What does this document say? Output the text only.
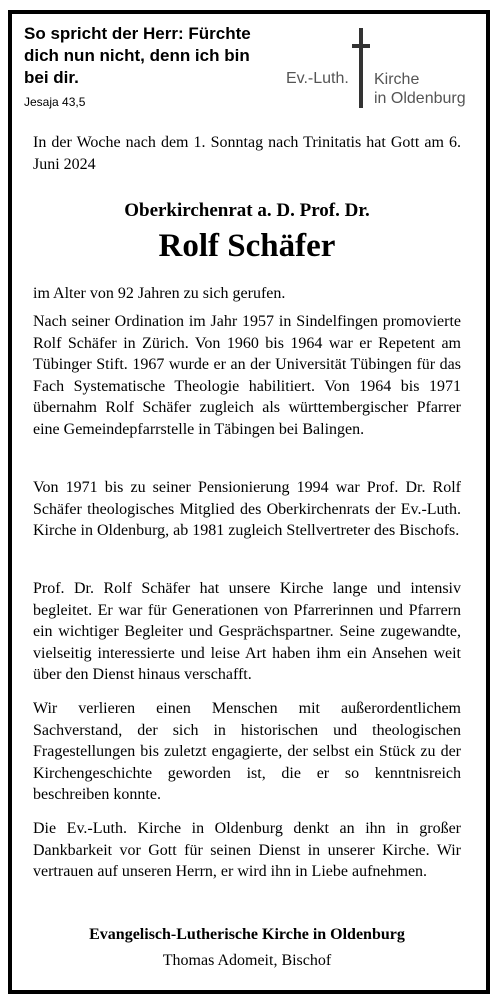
So spricht der Herr: Fürchte dich nun nicht, denn ich bin bei dir.
Jesaja 43,5
Ev.-Luth. Kirche
in Oldenburg
In der Woche nach dem 1. Sonntag nach Trinitatis hat Gott am 6. Juni 2024
Oberkirchenrat a. D. Prof. Dr.
Rolf Schäfer
im Alter von 92 Jahren zu sich gerufen.
Nach seiner Ordination im Jahr 1957 in Sindelfingen promovierte Rolf Schäfer in Zürich. Von 1960 bis 1964 war er Repetent am Tübinger Stift. 1967 wurde er an der Universität Tübingen für das Fach Systematische Theologie habilitiert. Von 1964 bis 1971 übernahm Rolf Schäfer zugleich als württembergischer Pfarrer eine Gemeindepfarrstelle in Täbingen bei Balingen.
Von 1971 bis zu seiner Pensionierung 1994 war Prof. Dr. Rolf Schäfer theologisches Mitglied des Oberkirchenrats der Ev.-Luth. Kirche in Oldenburg, ab 1981 zugleich Stellvertreter des Bischofs.
Prof. Dr. Rolf Schäfer hat unsere Kirche lange und intensiv begleitet. Er war für Generationen von Pfarrerinnen und Pfarrern ein wichtiger Begleiter und Gesprächspartner. Seine zugewandte, vielseitig interessierte und leise Art haben ihm ein Ansehen weit über den Dienst hinaus verschafft.
Wir verlieren einen Menschen mit außerordentlichem Sachverstand, der sich in historischen und theologischen Fragestellungen bis zuletzt engagierte, der selbst ein Stück zu der Kirchengeschichte geworden ist, die er so kenntnisreich beschreiben konnte.
Die Ev.-Luth. Kirche in Oldenburg denkt an ihn in großer Dankbarkeit vor Gott für seinen Dienst in unserer Kirche. Wir vertrauen auf unseren Herrn, er wird ihn in Liebe aufnehmen.
Evangelisch-Lutherische Kirche in Oldenburg
Thomas Adomeit, Bischof
